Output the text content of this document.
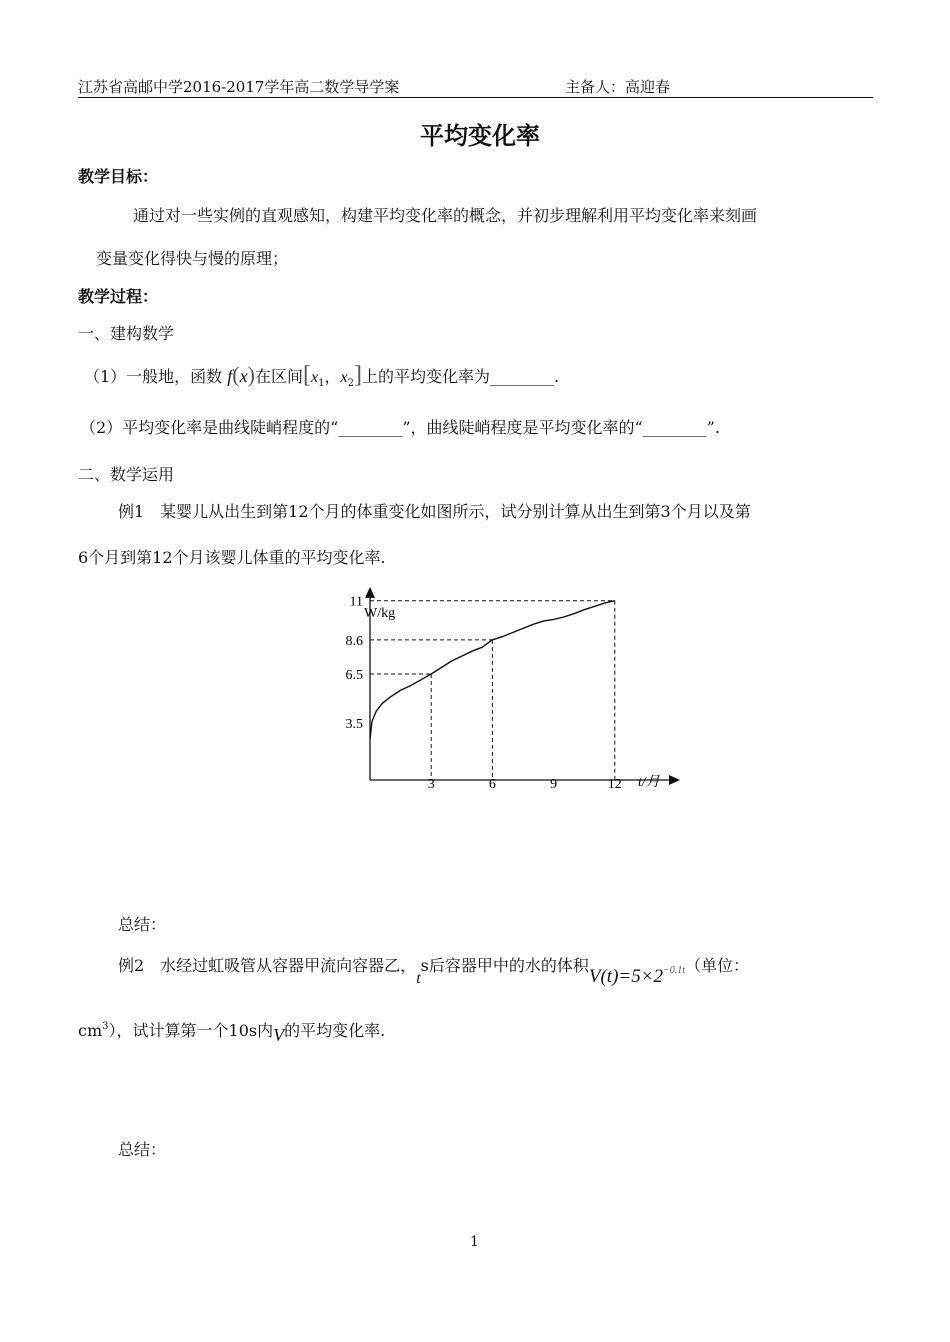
江苏省高邮中学2016-2017学年高二数学导学案	主备人：高迎春
平均变化率
教学目标：
通过对一些实例的直观感知，构建平均变化率的概念，并初步理解利用平均变化率来刻画
变量变化得快与慢的原理；
教学过程：
一、建构数学
（1）一般地，函数 f(x)在区间[$x_1$，$x_2$]上的平均变化率为________.
（2）平均变化率是曲线陡峭程度的“________”，曲线陡峭程度是平均变化率的“________”.
二、数学运用
例1　某婴儿从出生到第12个月的体重变化如图所示，试分别计算从出生到第3个月以及第
6个月到第12个月该婴儿体重的平均变化率.
3	6	9	12
3.5
6.5
8.6
11
W/kg
t/月
总结：
例2　水经过虹吸管从容器甲流向容器乙，ts后容器甲中的水的体积V(t)=5×2−0.1t（单位：
$cm^3$），试计算第一个10s内V的平均变化率.
总结：
1
